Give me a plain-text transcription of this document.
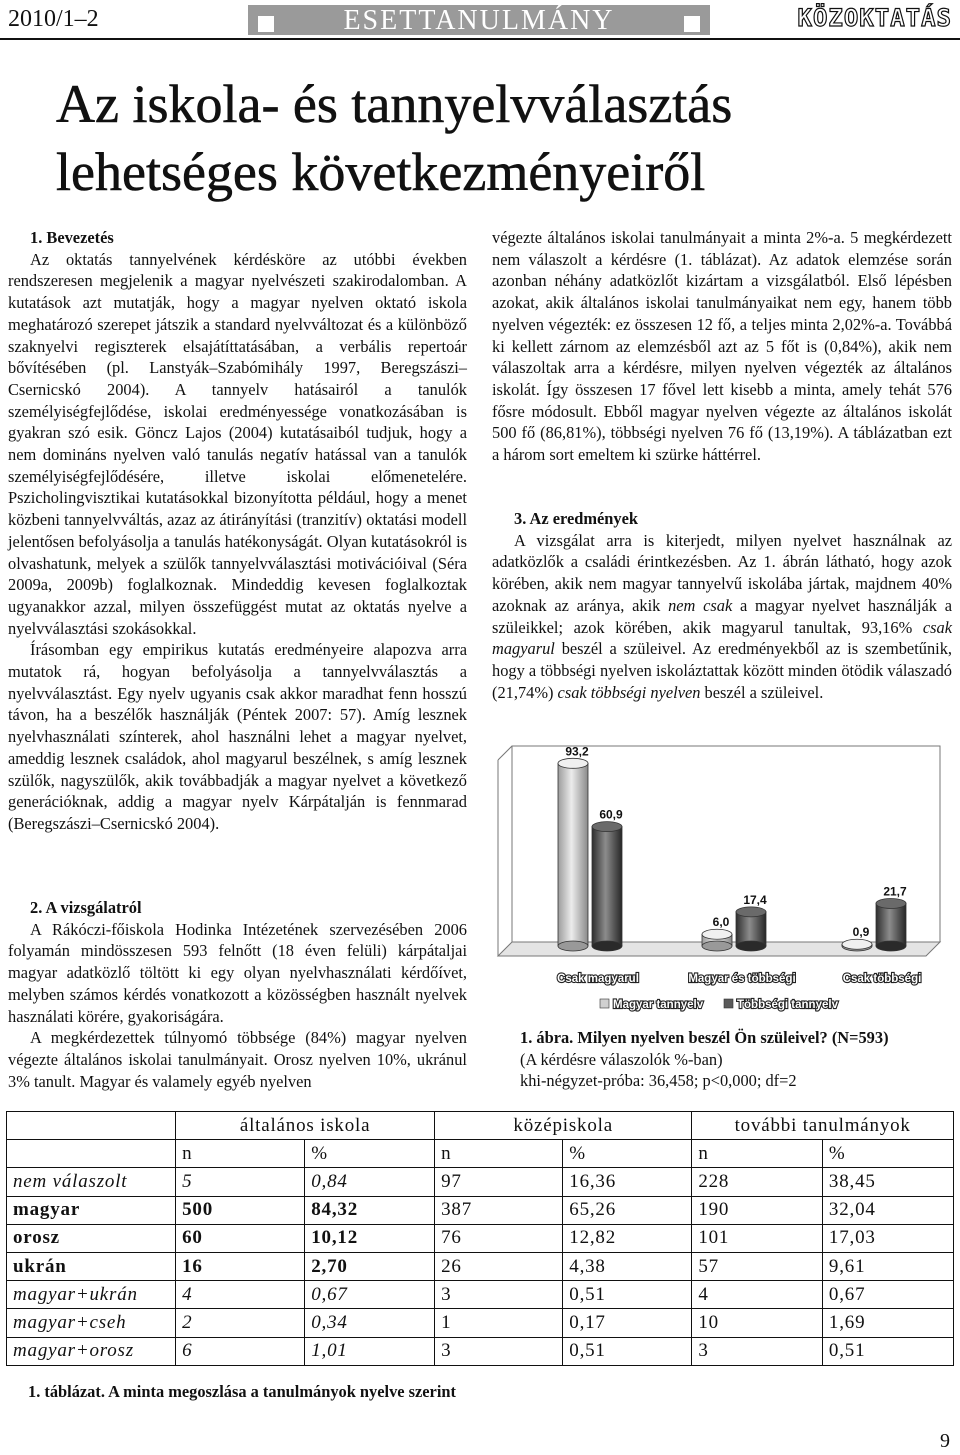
2010/1–2	ESETTANULMÁNY	KÖZOKTATÁS
Az iskola- és tannyelvválasztás
lehetséges következményeiről
1. Bevezetés

Az oktatás tannyelvének kérdésköre az utóbbi években rendszeresen megjelenik a magyar nyelvészeti szakirodalomban. A kutatások azt mutatják, hogy a magyar nyelven oktató iskola meghatározó szerepet játszik a standard nyelvváltozat és a különböző szaknyelvi regiszterek elsajátíttatásában, a verbális repertoár bővítésében (pl. Lanstyák–Szabómihály 1997, Beregszászi–Csernicskó 2004). A tannyelv hatásairól a tanulók személyiségfejlődése, iskolai eredményessége vonatkozásában is gyakran szó esik. Göncz Lajos (2004) kutatásaiból tudjuk, hogy a nem domináns nyelven való tanulás negatív hatással van a tanulók személyiségfejlődésére, illetve iskolai előmenetelére. Pszicholingvisztikai kutatásokkal bizonyította például, hogy a menet közbeni tannyelvváltás, azaz az átirányítási (tranzitív) oktatási modell jelentősen befolyásolja a tanulás hatékonyságát. Olyan kutatásokról is olvashatunk, melyek a szülők tannyelvválasztási motivációival (Séra 2009a, 2009b) foglalkoznak. Mindeddig kevesen foglalkoztak ugyanakkor azzal, milyen összefüggést mutat az oktatás nyelve a nyelvválasztási szokásokkal.

Írásomban egy empirikus kutatás eredményeire alapozva arra mutatok rá, hogyan befolyásolja a tannyelvválasztás a nyelvválasztást. Egy nyelv ugyanis csak akkor maradhat fenn hosszú távon, ha a beszélők használják (Péntek 2007: 57). Amíg lesznek nyelvhasználati színterek, ahol használni lehet a magyar nyelvet, ameddig lesznek családok, ahol magyarul beszélnek, s amíg lesznek szülők, nagyszülők, akik továbbadják a magyar nyelvet a következő generációknak, addig a magyar nyelv Kárpátalján is fennmarad (Beregszászi–Csernicskó 2004).

2. A vizsgálatról

A Rákóczi-főiskola Hodinka Intézetének szervezésében 2006 folyamán mindösszesen 593 felnőtt (18 éven felüli) kárpátaljai magyar adatközlő töltött ki egy olyan nyelvhasználati kérdőívet, melyben számos kérdés vonatkozott a közösségben használt nyelvek használati körére, gyakoriságára.

A megkérdezettek túlnyomó többsége (84%) magyar nyelven végezte általános iskolai tanulmányait. Orosz nyelven 10%, ukránul 3% tanult. Magyar és valamely egyéb nyelven

végezte általános iskolai tanulmányait a minta 2%-a. 5 megkérdezett nem válaszolt a kérdésre (1. táblázat). Az adatok elemzése során azonban néhány adatközlőt kizártam a vizsgálatból. Első lépésben azokat, akik általános iskolai tanulmányaikat nem egy, hanem több nyelven végezték: ez összesen 12 fő, a teljes minta 2,02%-a. Továbbá ki kellett zárnom az elemzésből azt az 5 főt is (0,84%), akik nem válaszoltak arra a kérdésre, milyen nyelven végezték az általános iskolát. Így összesen 17 fővel lett kisebb a minta, amely tehát 576 fősre módosult. Ebből magyar nyelven végezte az általános iskolát 500 fő (86,81%), többségi nyelven 76 fő (13,19%). A táblázatban ezt a három sort emeltem ki szürke háttérrel.

3. Az eredmények

A vizsgálat arra is kiterjedt, milyen nyelvet használnak az adatközlők a családi érintkezésben. Az 1. ábrán látható, hogy azok körében, akik nem magyar tannyelvű iskolába jártak, majdnem 40% azoknak az aránya, akik nem csak a magyar nyelvet használják a szüleikkel; azok körében, akik magyarul tanultak, 93,16% csak magyarul beszél a szüleivel. Az eredményekből az is szembetűnik, hogy a többségi nyelven iskoláztattak között minden ötödik válaszadó (21,74%) csak többségi nyelven beszél a szüleivel.

93,2
60,9
Csak magyarul
6,0
17,4
Magyar és többségi
0,9
21,7
Csak többségi
Magyar tannyelv	Többségi tannyelv
1. ábra. Milyen nyelven beszél Ön szüleivel? (N=593)
(A kérdésre válaszolók %-ban)
khi-négyzet-próba: 36,458; p<0,000; df=2
	általános iskola		középiskola		további tanulmányok	
	n	%	n	%	n	%
nem válaszolt	5	0,84	97	16,36	228	38,45
magyar	500	84,32	387	65,26	190	32,04
orosz	60	10,12	76	12,82	101	17,03
ukrán	16	2,70	26	4,38	57	9,61
magyar+ukrán	4	0,67	3	0,51	4	0,67
magyar+cseh	2	0,34	1	0,17	10	1,69
magyar+orosz	6	1,01	3	0,51	3	0,51
1. táblázat. A minta megoszlása a tanulmányok nyelve szerint
9
